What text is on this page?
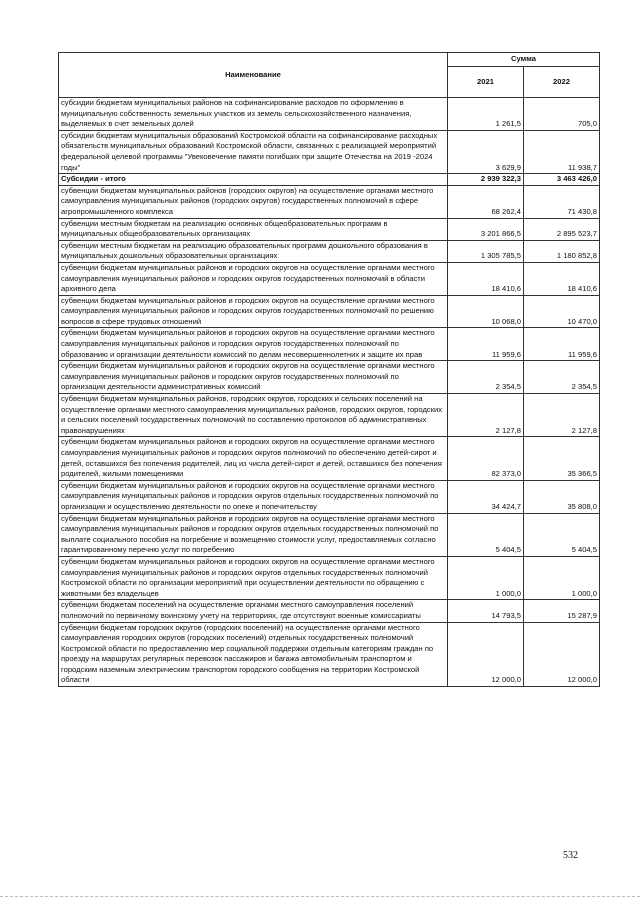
Наименование	Сумма	
	2021	2022
субсидии бюджетам муниципальных районов на софинансирование расходов по оформлению в муниципальную собственность земельных участков из земель сельскохозяйственного назначения, выделяемых в счет земельных долей	1 261,5	705,0
субсидии бюджетам муниципальных образований Костромской области на софинансирование расходных обязательств муниципальных образований Костромской области, связанных с реализацией мероприятий федеральной целевой программы "Увековечение памяти погибших при защите Отечества на 2019 -2024 годы"	3 629,9	11 938,7
Субсидии - итого	2 939 322,3	3 463 426,0
субвенции бюджетам муниципальных районов (городских округов) на осуществление органами местного самоуправления муниципальных районов (городских округов) государственных полномочий в сфере агропромышленного комплекса	68 262,4	71 430,8
субвенции местным бюджетам на реализацию основных общеобразовательных программ в муниципальных общеобразовательных организациях	3 201 866,5	2 895 523,7
субвенции местным бюджетам на реализацию образовательных программ дошкольного образования в муниципальных дошкольных образовательных организациях	1 305 785,5	1 180 852,8
субвенции бюджетам муниципальных районов и городских округов на осуществление органами местного самоуправления муниципальных районов и городских округов государственных полномочий в области архивного дела	18 410,6	18 410,6
субвенции бюджетам муниципальных районов и городских округов на осуществление органами местного самоуправления муниципальных районов и городских округов государственных полномочий по решению вопросов в сфере трудовых отношений	10 068,0	10 470,0
субвенции бюджетам муниципальных районов и городских округов на осуществление органами местного самоуправления муниципальных районов и городских округов государственных полномочий по образованию и организации деятельности комиссий по делам несовершеннолетних и защите их прав	11 959,6	11 959,6
субвенции бюджетам муниципальных районов и городских округов на осуществление органами местного самоуправления муниципальных районов и городских округов государственных полномочий по организации деятельности административных комиссий	2 354,5	2 354,5
субвенции бюджетам муниципальных районов, городских округов, городских и сельских поселений на осуществление органами местного самоуправления муниципальных районов, городских округов, городских и сельских поселений государственных полномочий по составлению протоколов об административных правонарушениях	2 127,8	2 127,8
субвенции бюджетам муниципальных районов и городских округов на осуществление органами местного самоуправления муниципальных районов и городских округов полномочий по обеспечению детей-сирот и детей, оставшихся без попечения родителей, лиц из числа детей-сирот и детей, оставшихся без попечения родителей, жилыми помещениями	82 373,0	35 366,5
субвенции бюджетам муниципальных районов и городских округов на осуществление органами местного самоуправления муниципальных районов и городских округов отдельных государственных полномочий по организации и осуществлению деятельности по опеке и попечительству	34 424,7	35 808,0
субвенции бюджетам муниципальных районов и городских округов на осуществление органами местного самоуправления муниципальных районов и городских округов отдельных государственных полномочий по выплате социального пособия на погребение и возмещению стоимости услуг, предоставляемых согласно гарантированному перечню услуг по погребению	5 404,5	5 404,5
субвенции бюджетам муниципальных районов и городских округов на осуществление органами местного самоуправления муниципальных районов и городских округов отдельных государственных полномочий Костромской области по организации мероприятий при осуществлении деятельности по обращению с животными без владельцев	1 000,0	1 000,0
субвенции бюджетам поселений на осуществление органами местного самоуправления поселений полномочий по первичному воинскому учету на территориях, где отсутствуют военные комиссариаты	14 793,5	15 287,9
субвенции бюджетам городских округов (городских поселений) на осуществление органами местного самоуправления городских округов (городских поселений) отдельных государственных полномочий Костромской области по предоставлению мер социальной поддержки отдельным категориям граждан по проезду на маршрутах регулярных перевозок пассажиров и багажа автомобильным транспортом и городским наземным электрическим транспортом городского сообщения на территории Костромской области	12 000,0	12 000,0
532
